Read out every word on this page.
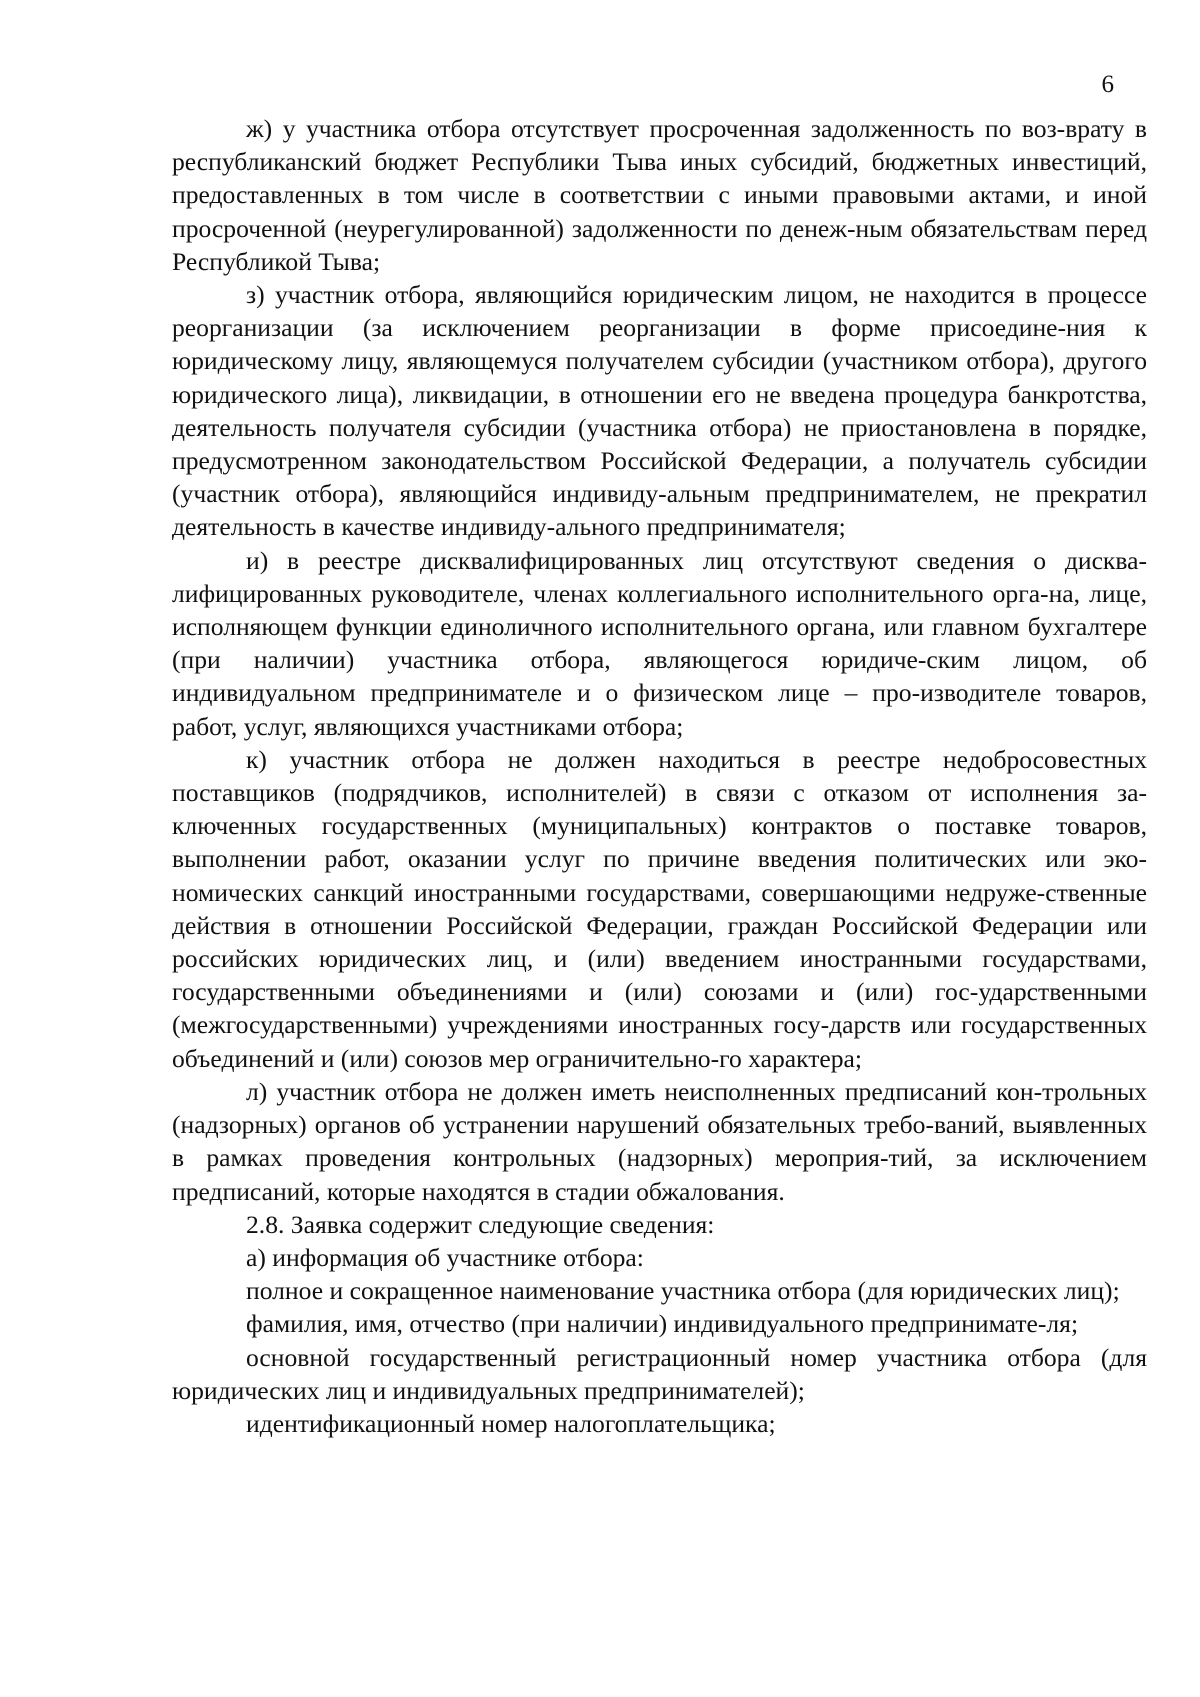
6

ж) у участника отбора отсутствует просроченная задолженность по воз-врату в республиканский бюджет Республики Тыва иных субсидий, бюджетных инвестиций, предоставленных в том числе в соответствии с иными правовыми актами, и иной просроченной (неурегулированной) задолженности по денеж-ным обязательствам перед Республикой Тыва;

з) участник отбора, являющийся юридическим лицом, не находится в процессе реорганизации (за исключением реорганизации в форме присоедине-ния к юридическому лицу, являющемуся получателем субсидии (участником отбора), другого юридического лица), ликвидации, в отношении его не введена процедура банкротства, деятельность получателя субсидии (участника отбора) не приостановлена в порядке, предусмотренном законодательством Российской Федерации, а получатель субсидии (участник отбора), являющийся индивиду-альным предпринимателем, не прекратил деятельность в качестве индивиду-ального предпринимателя;

и) в реестре дисквалифицированных лиц отсутствуют сведения о дисква-лифицированных руководителе, членах коллегиального исполнительного орга-на, лице, исполняющем функции единоличного исполнительного органа, или главном бухгалтере (при наличии) участника отбора, являющегося юридиче-ским лицом, об индивидуальном предпринимателе и о физическом лице – про-изводителе товаров, работ, услуг, являющихся участниками отбора;

к) участник отбора не должен находиться в реестре недобросовестных поставщиков (подрядчиков, исполнителей) в связи с отказом от исполнения за-ключенных государственных (муниципальных) контрактов о поставке товаров, выполнении работ, оказании услуг по причине введения политических или эко-номических санкций иностранными государствами, совершающими недруже-ственные действия в отношении Российской Федерации, граждан Российской Федерации или российских юридических лиц, и (или) введением иностранными государствами, государственными объединениями и (или) союзами и (или) гос-ударственными (межгосударственными) учреждениями иностранных госу-дарств или государственных объединений и (или) союзов мер ограничительно-го характера;

л) участник отбора не должен иметь неисполненных предписаний кон-трольных (надзорных) органов об устранении нарушений обязательных требо-ваний, выявленных в рамках проведения контрольных (надзорных) мероприя-тий, за исключением предписаний, которые находятся в стадии обжалования.

2.8. Заявка содержит следующие сведения:

а) информация об участнике отбора:

полное и сокращенное наименование участника отбора (для юридических лиц);

фамилия, имя, отчество (при наличии) индивидуального предпринимате-ля;

основной государственный регистрационный номер участника отбора (для юридических лиц и индивидуальных предпринимателей);

идентификационный номер налогоплательщика;
